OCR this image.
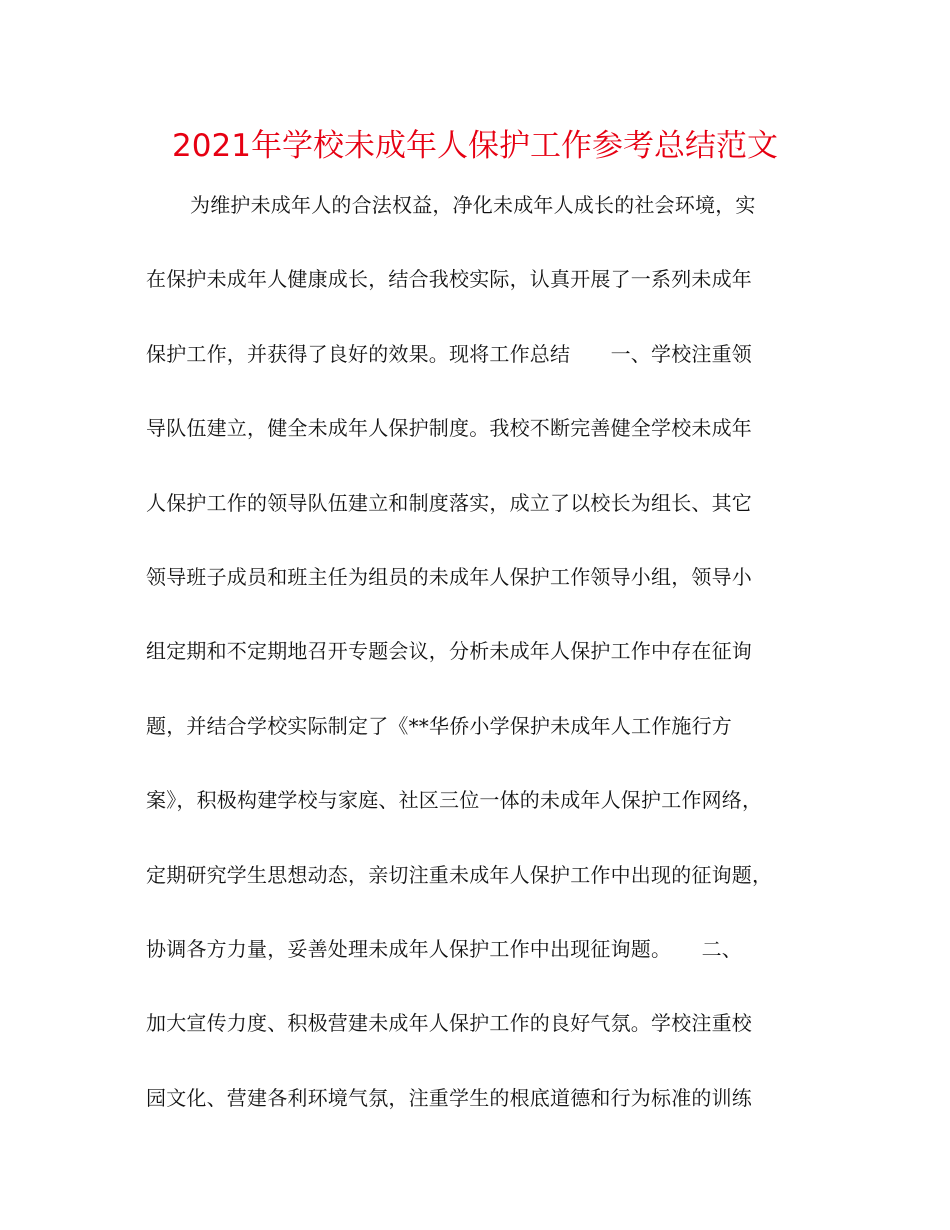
2021年学校未成年人保护工作参考总结范文
为维护未成年人的合法权益，净化未成年人成长的社会环境，实
在保护未成年人健康成长，结合我校实际，认真开展了一系列未成年
保护工作，并获得了良好的效果。现将工作总结　　一、学校注重领
导队伍建立，健全未成年人保护制度。我校不断完善健全学校未成年
人保护工作的领导队伍建立和制度落实，成立了以校长为组长、其它
领导班子成员和班主任为组员的未成年人保护工作领导小组，领导小
组定期和不定期地召开专题会议，分析未成年人保护工作中存在征询
题，并结合学校实际制定了《**华侨小学保护未成年人工作施行方
案》，积极构建学校与家庭、社区三位一体的未成年人保护工作网络，
定期研究学生思想动态，亲切注重未成年人保护工作中出现的征询题，
协调各方力量，妥善处理未成年人保护工作中出现征询题。　　二、
加大宣传力度、积极营建未成年人保护工作的良好气氛。学校注重校
园文化、营建各利环境气氛，注重学生的根底道德和行为标准的训练
